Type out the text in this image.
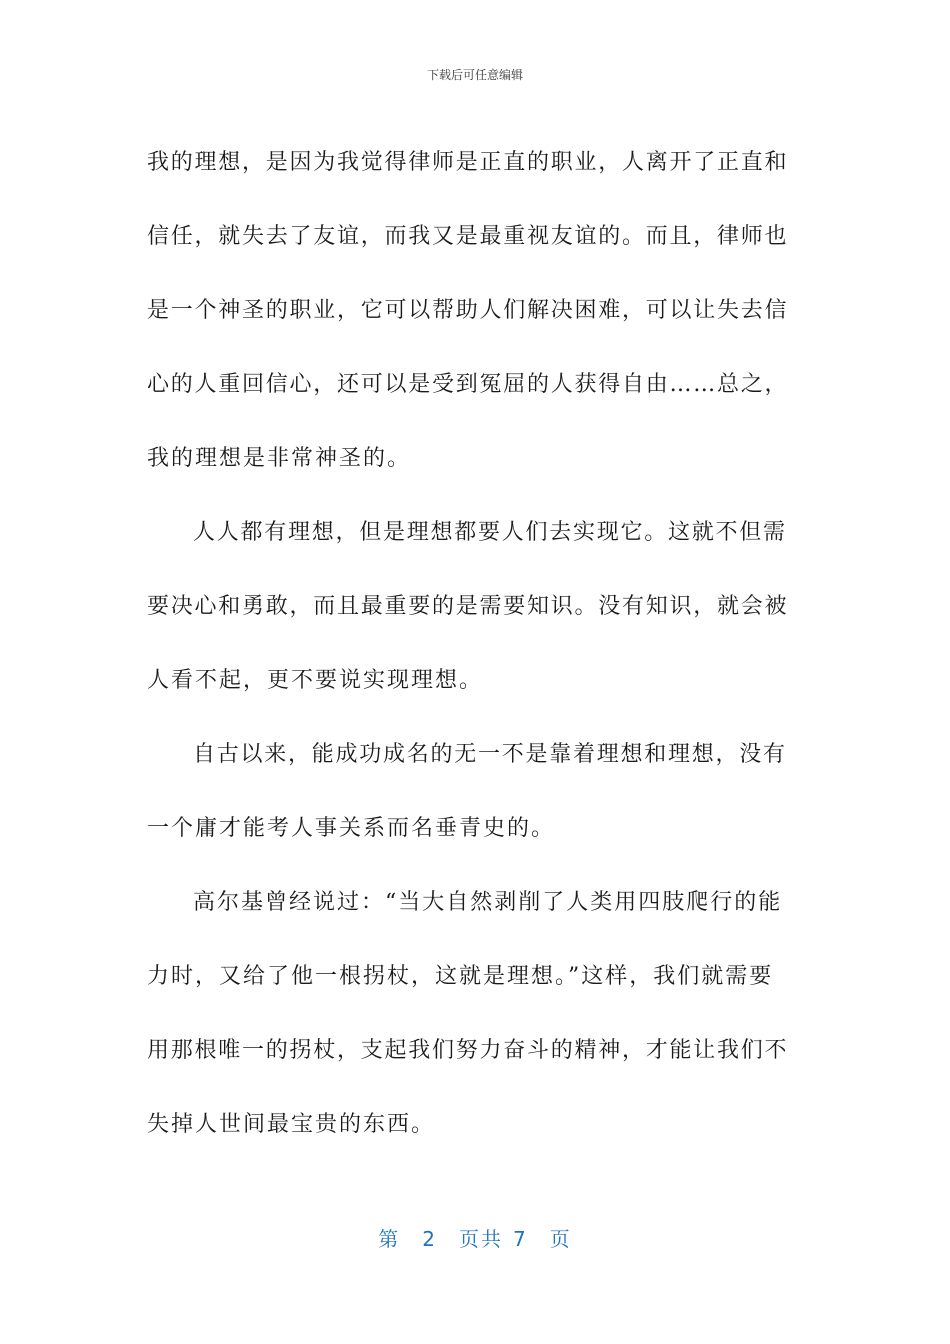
下载后可任意编辑

我的理想，是因为我觉得律师是正直的职业，人离开了正直和
信任，就失去了友谊，而我又是最重视友谊的。而且，律师也
是一个神圣的职业，它可以帮助人们解决困难，可以让失去信
心的人重回信心，还可以是受到冤屈的人获得自由……总之，
我的理想是非常神圣的。

人人都有理想，但是理想都要人们去实现它。这就不但需
要决心和勇敢，而且最重要的是需要知识。没有知识，就会被
人看不起，更不要说实现理想。

自古以来，能成功成名的无一不是靠着理想和理想，没有
一个庸才能考人事关系而名垂青史的。

高尔基曾经说过：“当大自然剥削了人类用四肢爬行的能
力时，又给了他一根拐杖，这就是理想。”这样，我们就需要
用那根唯一的拐杖，支起我们努力奋斗的精神，才能让我们不
失掉人世间最宝贵的东西。

第 2 页共 7 页
